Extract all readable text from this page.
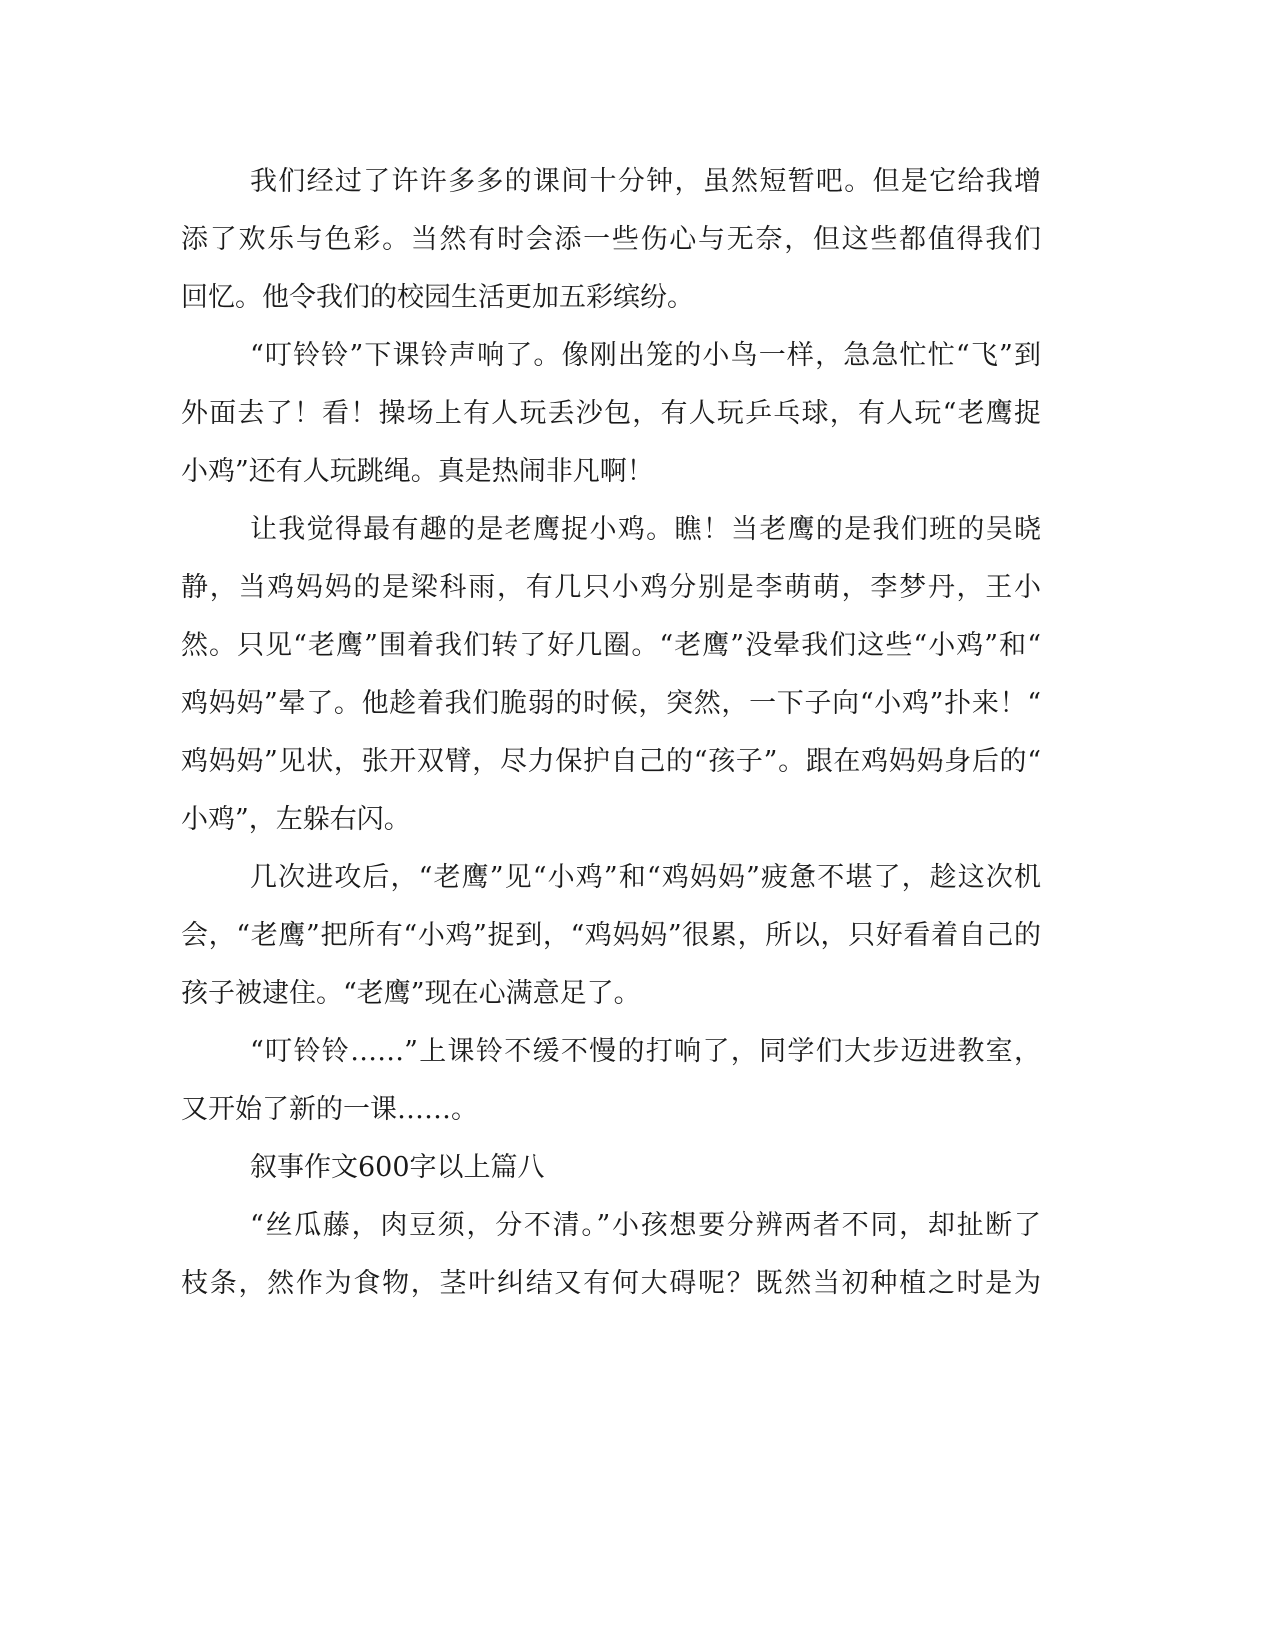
我们经过了许许多多的课间十分钟，虽然短暂吧。但是它给我增
添了欢乐与色彩。当然有时会添一些伤心与无奈，但这些都值得我们
回忆。他令我们的校园生活更加五彩缤纷。
“叮铃铃”下课铃声响了。像刚出笼的小鸟一样，急急忙忙“飞”到
外面去了！看！操场上有人玩丢沙包，有人玩乒乓球，有人玩“老鹰捉
小鸡”还有人玩跳绳。真是热闹非凡啊！
让我觉得最有趣的是老鹰捉小鸡。瞧！当老鹰的是我们班的吴晓
静，当鸡妈妈的是梁科雨，有几只小鸡分别是李萌萌，李梦丹，王小
然。只见“老鹰”围着我们转了好几圈。“老鹰”没晕我们这些“小鸡”和“
鸡妈妈”晕了。他趁着我们脆弱的时候，突然，一下子向“小鸡”扑来！“
鸡妈妈”见状，张开双臂，尽力保护自己的“孩子”。跟在鸡妈妈身后的“
小鸡”，左躲右闪。
几次进攻后，“老鹰”见“小鸡”和“鸡妈妈”疲惫不堪了，趁这次机
会，“老鹰”把所有“小鸡”捉到，“鸡妈妈”很累，所以，只好看着自己的
孩子被逮住。“老鹰”现在心满意足了。
“叮铃铃……”上课铃不缓不慢的打响了，同学们大步迈进教室，
又开始了新的一课……。
叙事作文600字以上篇八
“丝瓜藤，肉豆须，分不清。”小孩想要分辨两者不同，却扯断了
枝条，然作为食物，茎叶纠结又有何大碍呢？既然当初种植之时是为
